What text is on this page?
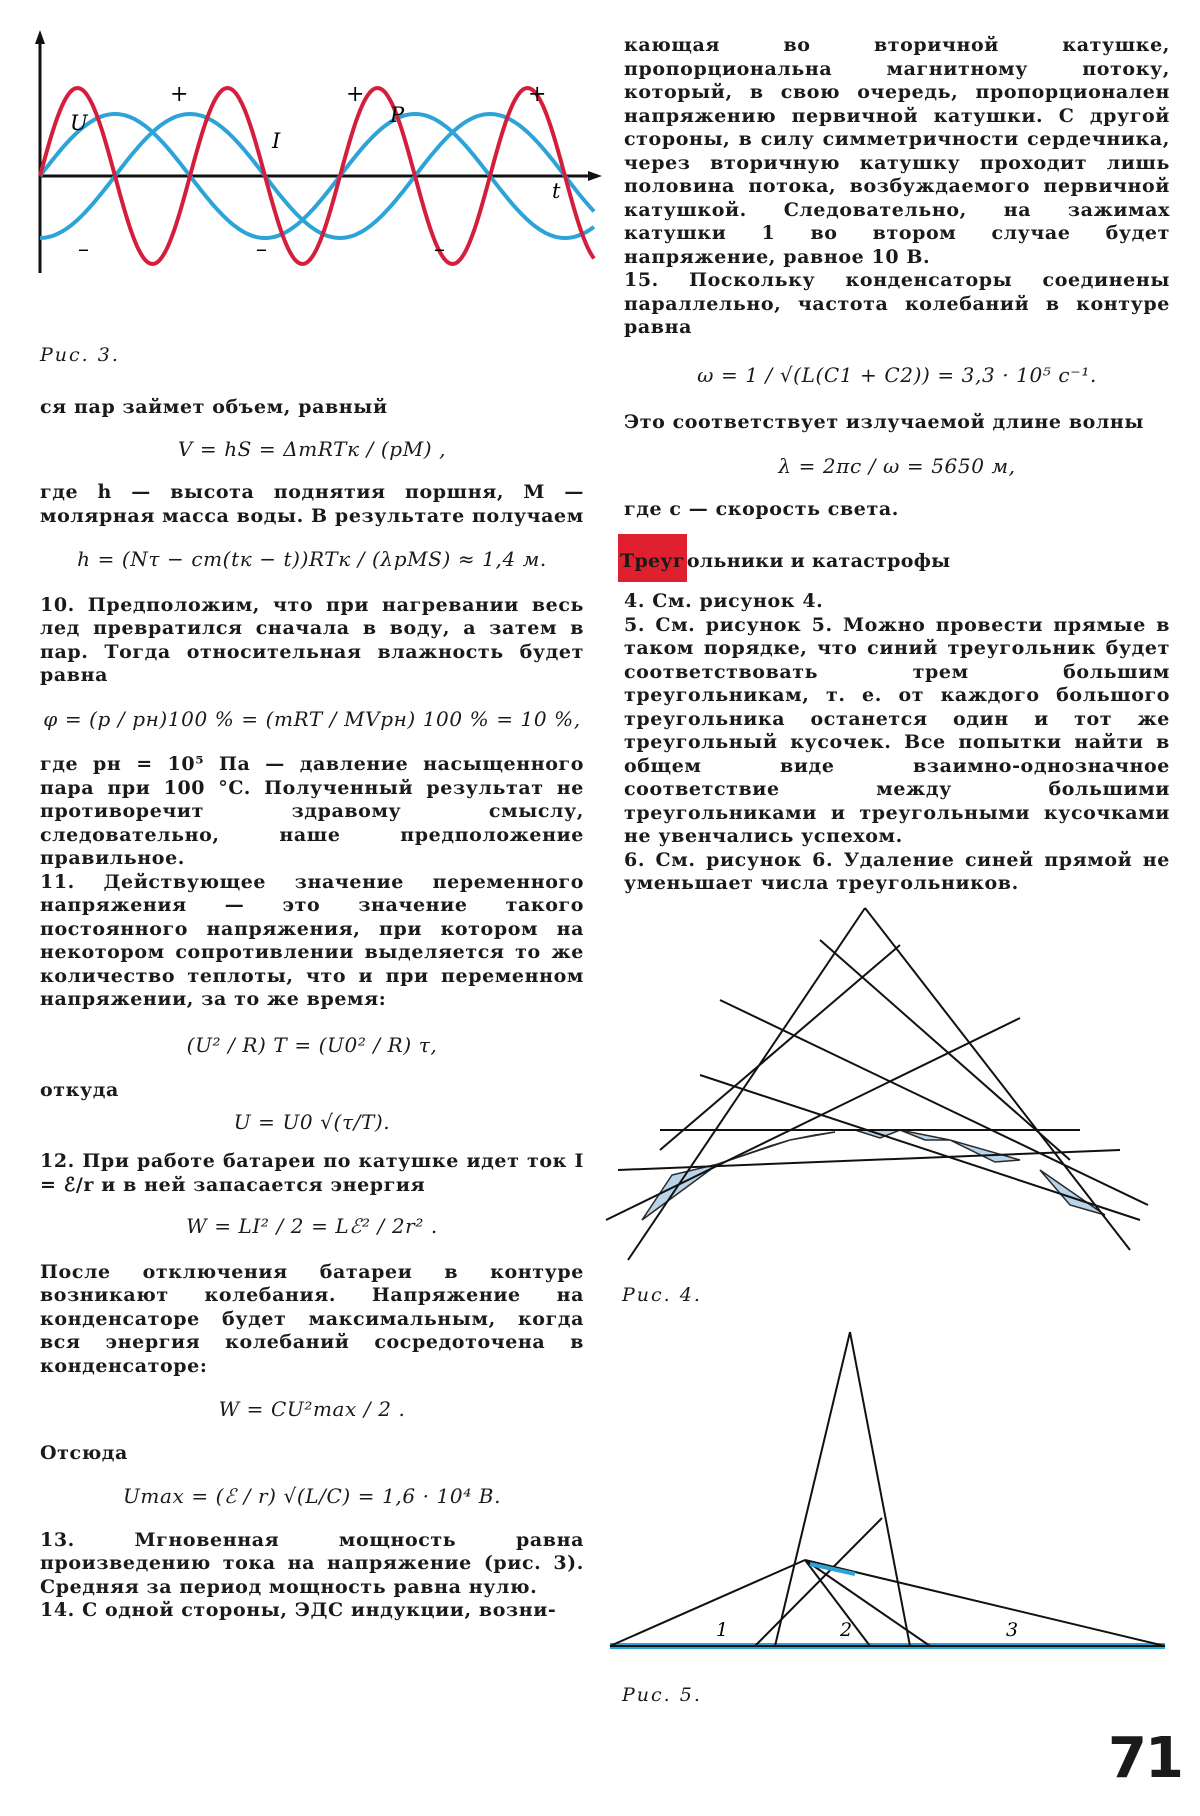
U
I
P
t
+	+	+
–	–	–
Рис. 3.

ся пар займет объем, равный

V = hS = ΔmRTк / (pM) ,

где h — высота поднятия поршня, М — молярная масса воды. В результате получаем

h = (Nτ − cm(tк − t))RTк / (λpMS) ≈ 1,4 м.

10. Предположим, что при нагревании весь лед превратился сначала в воду, а затем в пар. Тогда относительная влажность будет равна

φ = (p / pн)100 % = (mRT / MVpн) 100 % = 10 %,

где pн = 10⁵ Па — давление насыщенного пара при 100 °C. Полученный результат не противоречит здравому смыслу, следовательно, наше предположение правильное.

11. Действующее значение переменного напряжения — это значение такого постоянного напряжения, при котором на некотором сопротивлении выделяется то же количество теплоты, что и при переменном напряжении, за то же время:

(U² / R) T = (U0² / R) τ,

откуда

U = U0 √(τ/T).

12. При работе батареи по катушке идет ток I = ℰ/r и в ней запасается энергия

W = LI² / 2 = Lℰ² / 2r² .

После отключения батареи в контуре возникают колебания. Напряжение на конденсаторе будет максимальным, когда вся энергия колебаний сосредоточена в конденсаторе:

W = CU²max / 2 .

Отсюда

Umax = (ℰ / r) √(L/C) = 1,6 · 10⁴ В.

13.	Мгновенная мощность равна произведению тока на напряжение (рис. 3). Средняя за период мощность равна нулю.

14. С одной стороны, ЭДС индукции, возни-

кающая во вторичной катушке, пропорциональна магнитному потоку, который, в свою очередь, пропорционален напряжению первичной катушки. С другой стороны, в силу симметричности сердечника, через вторичную катушку проходит лишь половина потока, возбуждаемого первичной катушкой. Следовательно, на зажимах катушки 1 во втором случае будет напряжение, равное 10 В.

15. Поскольку конденсаторы соединены параллельно, частота колебаний в контуре равна

ω = 1 / √(L(C1 + C2)) = 3,3 · 10⁵ с⁻¹.

Это соответствует излучаемой длине волны

λ = 2πc / ω = 5650 м,

где c — скорость света.

Треуг ольники и катастрофы

4. См. рисунок 4.

5. См. рисунок 5. Можно провести прямые в таком порядке, что синий треугольник будет соответствовать трем большим треугольникам, т. е. от каждого большого треугольника останется один и тот же треугольный кусочек. Все попытки найти в общем виде взаимно-однозначное соответствие между большими треугольниками и треугольными кусочками не увенчались успехом.

6. См. рисунок 6. Удаление синей прямой не уменьшает числа треугольников.

Рис. 4.
1	2	3
Рис. 5.
71
